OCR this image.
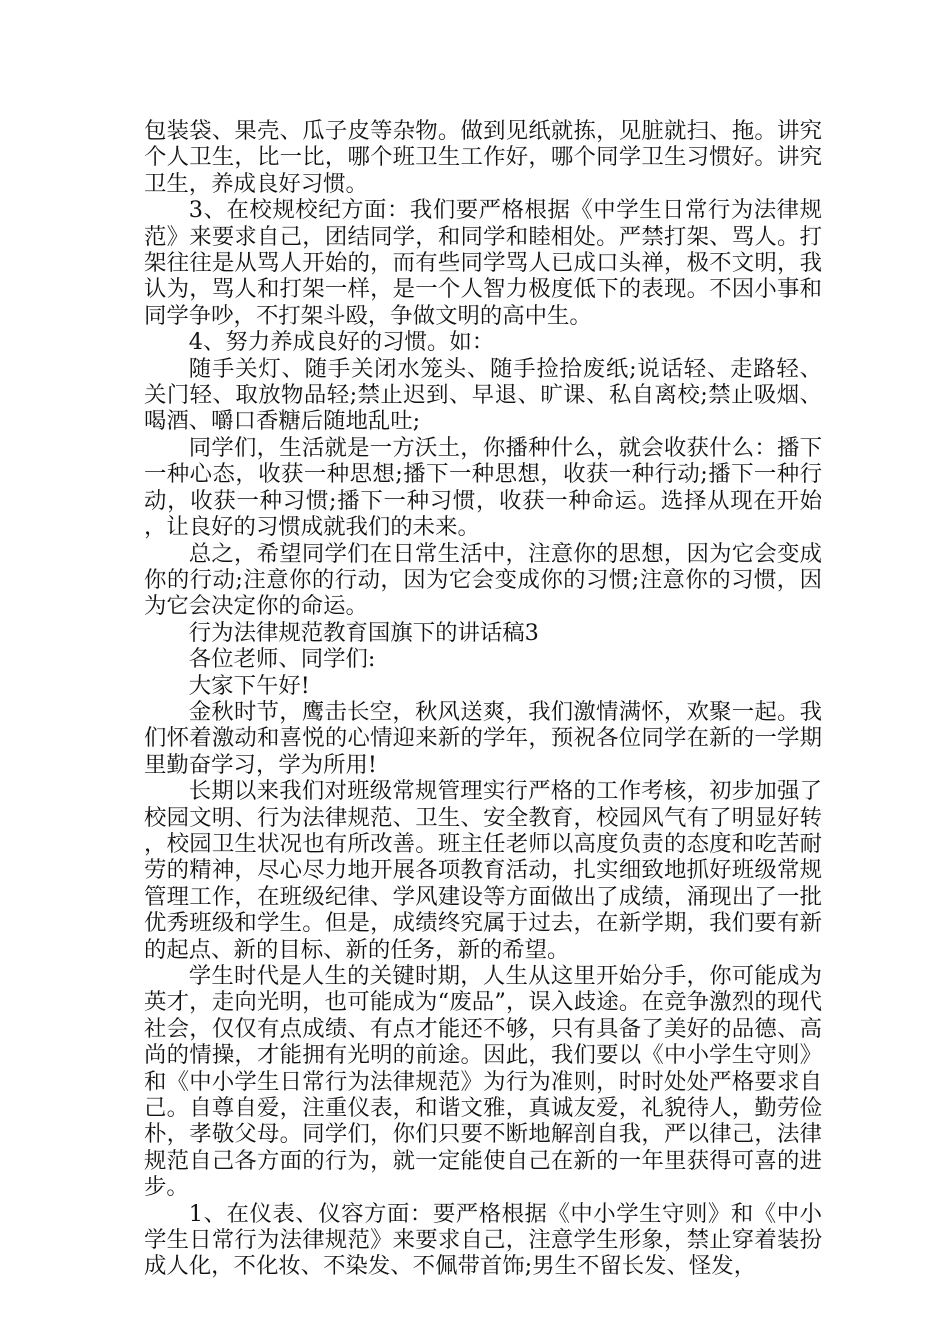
包装袋、果壳、瓜子皮等杂物。做到见纸就拣，见脏就扫、拖。讲究个人卫生，比一比，哪个班卫生工作好，哪个同学卫生习惯好。讲究卫生，养成良好习惯。

3、在校规校纪方面：我们要严格根据《中学生日常行为法律规范》来要求自己，团结同学，和同学和睦相处。严禁打架、骂人。打架往往是从骂人开始的，而有些同学骂人已成口头禅，极不文明，我认为，骂人和打架一样，是一个人智力极度低下的表现。不因小事和同学争吵，不打架斗殴，争做文明的高中生。

4、努力养成良好的习惯。如：

随手关灯、随手关闭水笼头、随手捡拾废纸;说话轻、走路轻、关门轻、取放物品轻;禁止迟到、早退、旷课、私自离校;禁止吸烟、喝酒、嚼口香糖后随地乱吐;

同学们，生活就是一方沃土，你播种什么，就会收获什么：播下一种心态，收获一种思想;播下一种思想，收获一种行动;播下一种行动，收获一种习惯;播下一种习惯，收获一种命运。选择从现在开始，让良好的习惯成就我们的未来。

总之，希望同学们在日常生活中，注意你的思想，因为它会变成你的行动;注意你的行动，因为它会变成你的习惯;注意你的习惯，因为它会决定你的命运。

行为法律规范教育国旗下的讲话稿3

各位老师、同学们:

大家下午好!

金秋时节，鹰击长空，秋风送爽，我们激情满怀，欢聚一起。我们怀着激动和喜悦的心情迎来新的学年，预祝各位同学在新的一学期里勤奋学习，学为所用!

长期以来我们对班级常规管理实行严格的工作考核，初步加强了校园文明、行为法律规范、卫生、安全教育，校园风气有了明显好转，校园卫生状况也有所改善。班主任老师以高度负责的态度和吃苦耐劳的精神，尽心尽力地开展各项教育活动，扎实细致地抓好班级常规管理工作，在班级纪律、学风建设等方面做出了成绩，涌现出了一批优秀班级和学生。但是，成绩终究属于过去，在新学期，我们要有新的起点、新的目标、新的任务，新的希望。

学生时代是人生的关键时期，人生从这里开始分手，你可能成为英才，走向光明，也可能成为“废品”，误入歧途。在竞争激烈的现代社会，仅仅有点成绩、有点才能还不够，只有具备了美好的品德、高尚的情操，才能拥有光明的前途。因此，我们要以《中小学生守则》和《中小学生日常行为法律规范》为行为准则，时时处处严格要求自己。自尊自爱，注重仪表，和谐文雅，真诚友爱，礼貌待人，勤劳俭朴，孝敬父母。同学们，你们只要不断地解剖自我，严以律己，法律规范自己各方面的行为，就一定能使自己在新的一年里获得可喜的进步。

1、在仪表、仪容方面：要严格根据《中小学生守则》和《中小学生日常行为法律规范》来要求自己，注意学生形象，禁止穿着装扮成人化，不化妆、不染发、不佩带首饰;男生不留长发、怪发，
